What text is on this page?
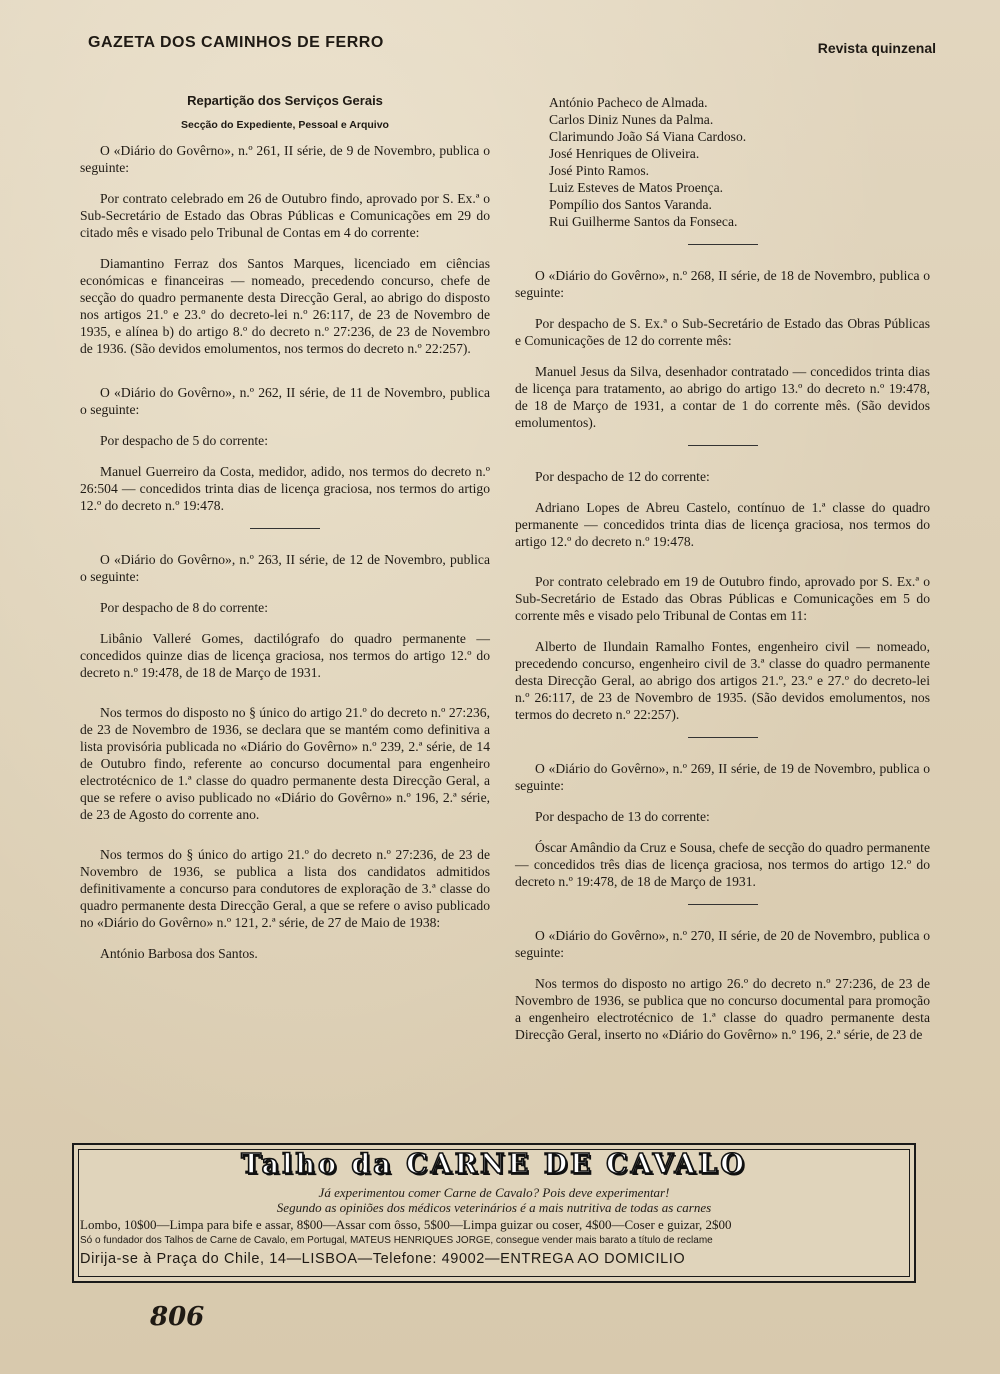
GAZETA DOS CAMINHOS DE FERRO	Revista quinzenal
Repartição dos Serviços Gerais
Secção do Expediente, Pessoal e Arquivo

O «Diário do Govêrno», n.º 261, II série, de 9 de Novembro, publica o seguinte:

Por contrato celebrado em 26 de Outubro findo, aprovado por S. Ex.ª o Sub-Secretário de Estado das Obras Públicas e Comunicações em 29 do citado mês e visado pelo Tribunal de Contas em 4 do corrente:

Diamantino Ferraz dos Santos Marques, licenciado em ciências económicas e financeiras — nomeado, precedendo concurso, chefe de secção do quadro permanente desta Direcção Geral, ao abrigo do disposto nos artigos 21.º e 23.º do decreto-lei n.º 26:117, de 23 de Novembro de 1935, e alínea b) do artigo 8.º do decreto n.º 27:236, de 23 de Novembro de 1936. (São devidos emolumentos, nos termos do decreto n.º 22:257).

O «Diário do Govêrno», n.º 262, II série, de 11 de Novembro, publica o seguinte:

Por despacho de 5 do corrente:

Manuel Guerreiro da Costa, medidor, adido, nos termos do decreto n.º 26:504 — concedidos trinta dias de licença graciosa, nos termos do artigo 12.º do decreto n.º 19:478.

O «Diário do Govêrno», n.º 263, II série, de 12 de Novembro, publica o seguinte:

Por despacho de 8 do corrente:

Libânio Valleré Gomes, dactilógrafo do quadro permanente — concedidos quinze dias de licença graciosa, nos termos do artigo 12.º do decreto n.º 19:478, de 18 de Março de 1931.

Nos termos do disposto no § único do artigo 21.º do decreto n.º 27:236, de 23 de Novembro de 1936, se declara que se mantém como definitiva a lista provisória publicada no «Diário do Govêrno» n.º 239, 2.ª série, de 14 de Outubro findo, referente ao concurso documental para engenheiro electrotécnico de 1.ª classe do quadro permanente desta Direcção Geral, a que se refere o aviso publicado no «Diário do Govêrno» n.º 196, 2.ª série, de 23 de Agosto do corrente ano.

Nos termos do § único do artigo 21.º do decreto n.º 27:236, de 23 de Novembro de 1936, se publica a lista dos candidatos admitidos definitivamente a concurso para condutores de exploração de 3.ª classe do quadro permanente desta Direcção Geral, a que se refere o aviso publicado no «Diário do Govêrno» n.º 121, 2.ª série, de 27 de Maio de 1938:

António Barbosa dos Santos.

António Pacheco de Almada.
Carlos Diniz Nunes da Palma.
Clarimundo João Sá Viana Cardoso.
José Henriques de Oliveira.
José Pinto Ramos.
Luiz Esteves de Matos Proença.
Pompílio dos Santos Varanda.
Rui Guilherme Santos da Fonseca.

O «Diário do Govêrno», n.º 268, II série, de 18 de Novembro, publica o seguinte:

Por despacho de S. Ex.ª o Sub-Secretário de Estado das Obras Públicas e Comunicações de 12 do corrente mês:

Manuel Jesus da Silva, desenhador contratado — concedidos trinta dias de licença para tratamento, ao abrigo do artigo 13.º do decreto n.º 19:478, de 18 de Março de 1931, a contar de 1 do corrente mês. (São devidos emolumentos).

Por despacho de 12 do corrente:

Adriano Lopes de Abreu Castelo, contínuo de 1.ª classe do quadro permanente — concedidos trinta dias de licença graciosa, nos termos do artigo 12.º do decreto n.º 19:478.

Por contrato celebrado em 19 de Outubro findo, aprovado por S. Ex.ª o Sub-Secretário de Estado das Obras Públicas e Comunicações em 5 do corrente mês e visado pelo Tribunal de Contas em 11:

Alberto de Ilundain Ramalho Fontes, engenheiro civil — nomeado, precedendo concurso, engenheiro civil de 3.ª classe do quadro permanente desta Direcção Geral, ao abrigo dos artigos 21.º, 23.º e 27.º do decreto-lei n.º 26:117, de 23 de Novembro de 1935. (São devidos emolumentos, nos termos do decreto n.º 22:257).

O «Diário do Govêrno», n.º 269, II série, de 19 de Novembro, publica o seguinte:

Por despacho de 13 do corrente:

Óscar Amândio da Cruz e Sousa, chefe de secção do quadro permanente — concedidos três dias de licença graciosa, nos termos do artigo 12.º do decreto n.º 19:478, de 18 de Março de 1931.

O «Diário do Govêrno», n.º 270, II série, de 20 de Novembro, publica o seguinte:

Nos termos do disposto no artigo 26.º do decreto n.º 27:236, de 23 de Novembro de 1936, se publica que no concurso documental para promoção a engenheiro electrotécnico de 1.ª classe do quadro permanente desta Direcção Geral, inserto no «Diário do Govêrno» n.º 196, 2.ª série, de 23 de

Talho da CARNE DE CAVALO
Já experimentou comer Carne de Cavalo? Pois deve experimentar!
Segundo as opiniões dos médicos veterinários é a mais nutritiva de todas as carnes
Lombo, 10$00—Limpa para bife e assar, 8$00—Assar com ôsso, 5$00—Limpa guizar ou coser, 4$00—Coser e guizar, 2$00
Só o fundador dos Talhos de Carne de Cavalo, em Portugal, MATEUS HENRIQUES JORGE, consegue vender mais barato a título de reclame
Dirija-se à Praça do Chile, 14—LISBOA—Telefone: 49002—ENTREGA AO DOMICILIO
806
